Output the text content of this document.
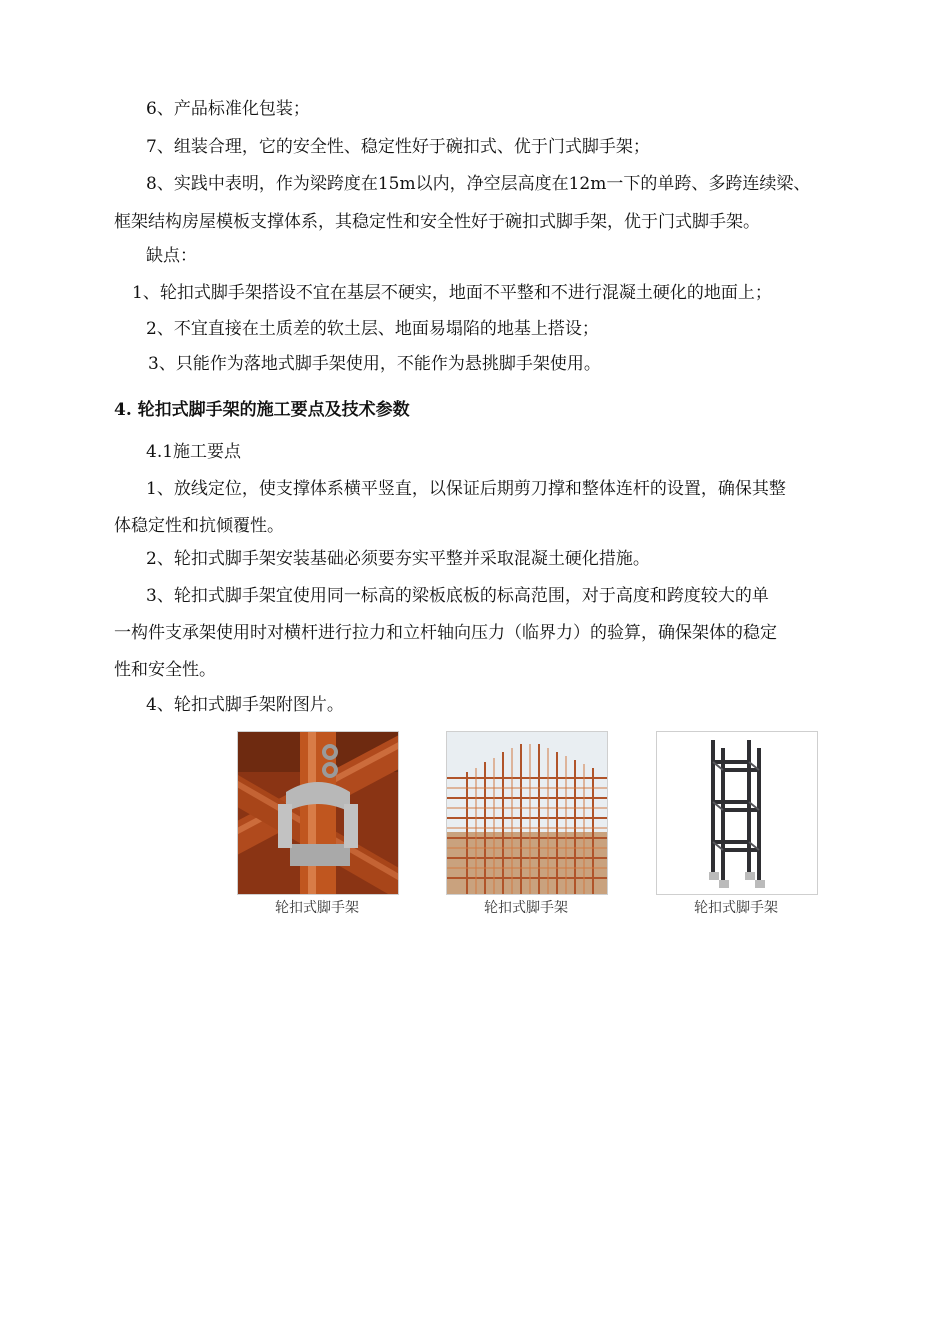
6、产品标准化包装；
7、组装合理，它的安全性、稳定性好于碗扣式、优于门式脚手架；
8、实践中表明，作为梁跨度在15m以内，净空层高度在12m一下的单跨、多跨连续梁、
框架结构房屋模板支撑体系，其稳定性和安全性好于碗扣式脚手架，优于门式脚手架。
缺点：
1、轮扣式脚手架搭设不宜在基层不硬实，地面不平整和不进行混凝土硬化的地面上；
2、不宜直接在土质差的软土层、地面易塌陷的地基上搭设；
3、只能作为落地式脚手架使用，不能作为悬挑脚手架使用。
4. 轮扣式脚手架的施工要点及技术参数
4.1施工要点
1、放线定位，使支撑体系横平竖直，以保证后期剪刀撑和整体连杆的设置，确保其整
体稳定性和抗倾覆性。
2、轮扣式脚手架安装基础必须要夯实平整并采取混凝土硬化措施。
3、轮扣式脚手架宜使用同一标高的梁板底板的标高范围，对于高度和跨度较大的单
一构件支承架使用时对横杆进行拉力和立杆轴向压力（临界力）的验算，确保架体的稳定
性和安全性。
4、轮扣式脚手架附图片。
轮扣式脚手架	轮扣式脚手架	轮扣式脚手架
